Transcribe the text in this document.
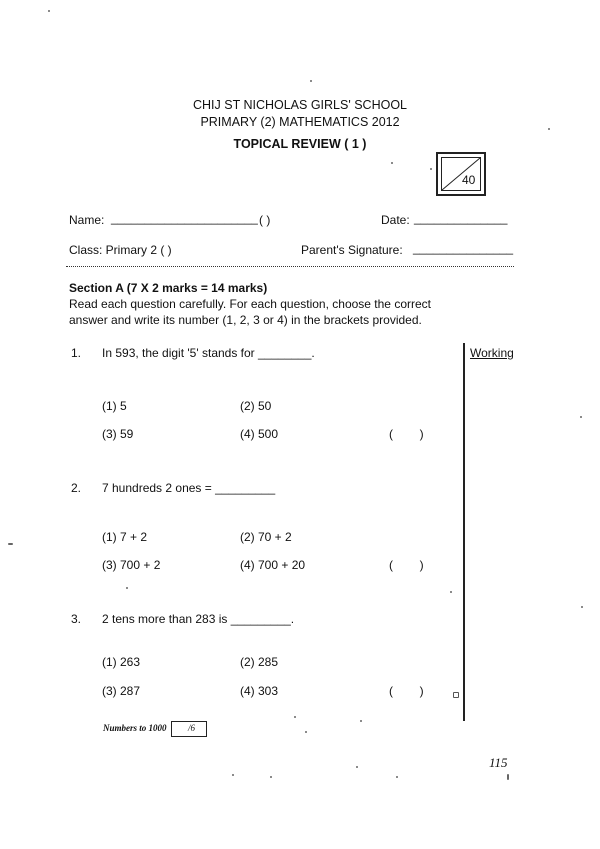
CHIJ ST NICHOLAS GIRLS' SCHOOL
PRIMARY (2) MATHEMATICS 2012
TOPICAL REVIEW ( 1 )
40
Name: ______________________ ( )	Date: ______________
Class: Primary 2 ( )	Parent's Signature: _______________
Section A (7 X 2 marks = 14 marks)
Read each question carefully. For each question, choose the correct
answer and write its number (1, 2, 3 or 4) in the brackets provided.
Working
1. In 593, the digit '5' stands for ________.
(1) 5	(2) 50
(3) 59	(4) 500	(        )
2. 7 hundreds 2 ones = _________
(1) 7 + 2	(2) 70 + 2
(3) 700 + 2	(4) 700 + 20	(        )
3. 2 tens more than 283 is _________.
(1) 263	(2) 285
(3) 287	(4) 303	(        )
Numbers to 1000 /6
115
